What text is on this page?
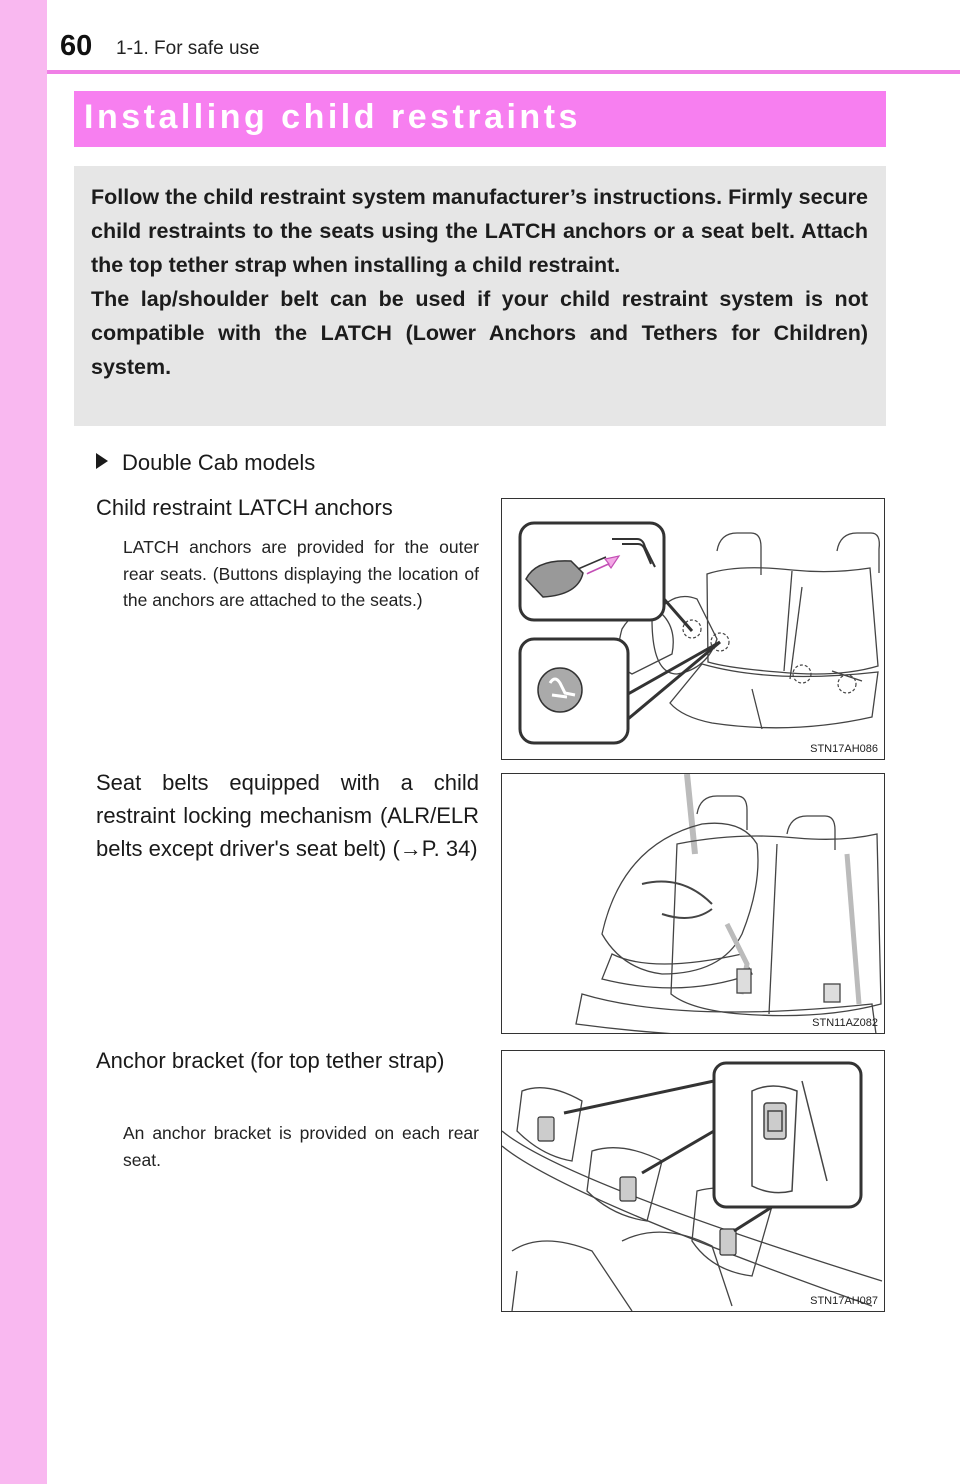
60 1-1. For safe use
Installing child restraints

Follow the child restraint system manufacturer’s instructions. Firmly secure child restraints to the seats using the LATCH anchors or a seat belt. Attach the top tether strap when installing a child restraint.

The lap/shoulder belt can be used if your child restraint system is not compatible with the LATCH (Lower Anchors and Tethers for Children) system.

Double Cab models
Child restraint LATCH anchors
LATCH anchors are provided for the outer rear seats. (Buttons displaying the location of the anchors are attached to the seats.)
STN17AH086
Seat belts equipped with a child restraint locking mechanism (ALR/ELR belts except driver's seat belt) (→P. 34)
STN11AZ082
Anchor bracket (for top tether strap)
An anchor bracket is provided on each rear seat.
STN17AH087
